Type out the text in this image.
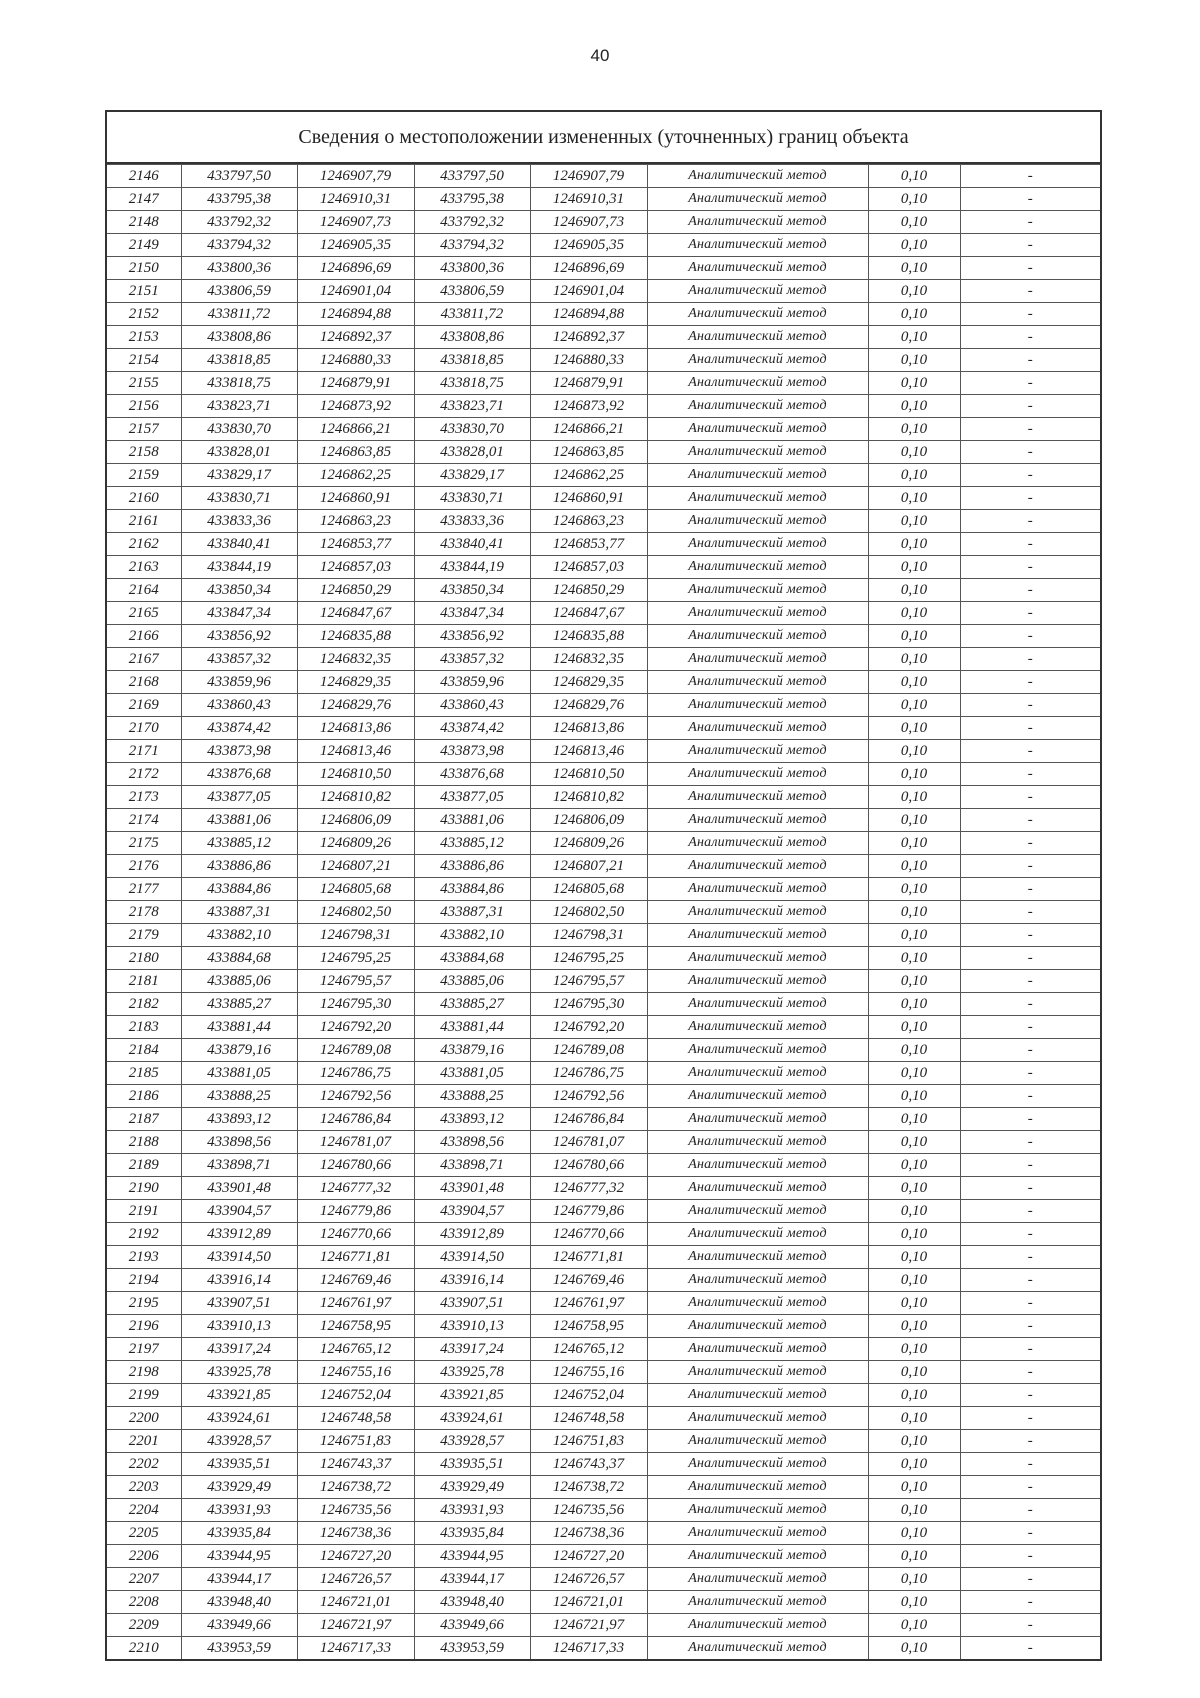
40
Сведения о местоположении измененных (уточненных) границ объекта
2146	433797,50	1246907,79	433797,50	1246907,79	Аналитический метод	0,10	-
2147	433795,38	1246910,31	433795,38	1246910,31	Аналитический метод	0,10	-
2148	433792,32	1246907,73	433792,32	1246907,73	Аналитический метод	0,10	-
2149	433794,32	1246905,35	433794,32	1246905,35	Аналитический метод	0,10	-
2150	433800,36	1246896,69	433800,36	1246896,69	Аналитический метод	0,10	-
2151	433806,59	1246901,04	433806,59	1246901,04	Аналитический метод	0,10	-
2152	433811,72	1246894,88	433811,72	1246894,88	Аналитический метод	0,10	-
2153	433808,86	1246892,37	433808,86	1246892,37	Аналитический метод	0,10	-
2154	433818,85	1246880,33	433818,85	1246880,33	Аналитический метод	0,10	-
2155	433818,75	1246879,91	433818,75	1246879,91	Аналитический метод	0,10	-
2156	433823,71	1246873,92	433823,71	1246873,92	Аналитический метод	0,10	-
2157	433830,70	1246866,21	433830,70	1246866,21	Аналитический метод	0,10	-
2158	433828,01	1246863,85	433828,01	1246863,85	Аналитический метод	0,10	-
2159	433829,17	1246862,25	433829,17	1246862,25	Аналитический метод	0,10	-
2160	433830,71	1246860,91	433830,71	1246860,91	Аналитический метод	0,10	-
2161	433833,36	1246863,23	433833,36	1246863,23	Аналитический метод	0,10	-
2162	433840,41	1246853,77	433840,41	1246853,77	Аналитический метод	0,10	-
2163	433844,19	1246857,03	433844,19	1246857,03	Аналитический метод	0,10	-
2164	433850,34	1246850,29	433850,34	1246850,29	Аналитический метод	0,10	-
2165	433847,34	1246847,67	433847,34	1246847,67	Аналитический метод	0,10	-
2166	433856,92	1246835,88	433856,92	1246835,88	Аналитический метод	0,10	-
2167	433857,32	1246832,35	433857,32	1246832,35	Аналитический метод	0,10	-
2168	433859,96	1246829,35	433859,96	1246829,35	Аналитический метод	0,10	-
2169	433860,43	1246829,76	433860,43	1246829,76	Аналитический метод	0,10	-
2170	433874,42	1246813,86	433874,42	1246813,86	Аналитический метод	0,10	-
2171	433873,98	1246813,46	433873,98	1246813,46	Аналитический метод	0,10	-
2172	433876,68	1246810,50	433876,68	1246810,50	Аналитический метод	0,10	-
2173	433877,05	1246810,82	433877,05	1246810,82	Аналитический метод	0,10	-
2174	433881,06	1246806,09	433881,06	1246806,09	Аналитический метод	0,10	-
2175	433885,12	1246809,26	433885,12	1246809,26	Аналитический метод	0,10	-
2176	433886,86	1246807,21	433886,86	1246807,21	Аналитический метод	0,10	-
2177	433884,86	1246805,68	433884,86	1246805,68	Аналитический метод	0,10	-
2178	433887,31	1246802,50	433887,31	1246802,50	Аналитический метод	0,10	-
2179	433882,10	1246798,31	433882,10	1246798,31	Аналитический метод	0,10	-
2180	433884,68	1246795,25	433884,68	1246795,25	Аналитический метод	0,10	-
2181	433885,06	1246795,57	433885,06	1246795,57	Аналитический метод	0,10	-
2182	433885,27	1246795,30	433885,27	1246795,30	Аналитический метод	0,10	-
2183	433881,44	1246792,20	433881,44	1246792,20	Аналитический метод	0,10	-
2184	433879,16	1246789,08	433879,16	1246789,08	Аналитический метод	0,10	-
2185	433881,05	1246786,75	433881,05	1246786,75	Аналитический метод	0,10	-
2186	433888,25	1246792,56	433888,25	1246792,56	Аналитический метод	0,10	-
2187	433893,12	1246786,84	433893,12	1246786,84	Аналитический метод	0,10	-
2188	433898,56	1246781,07	433898,56	1246781,07	Аналитический метод	0,10	-
2189	433898,71	1246780,66	433898,71	1246780,66	Аналитический метод	0,10	-
2190	433901,48	1246777,32	433901,48	1246777,32	Аналитический метод	0,10	-
2191	433904,57	1246779,86	433904,57	1246779,86	Аналитический метод	0,10	-
2192	433912,89	1246770,66	433912,89	1246770,66	Аналитический метод	0,10	-
2193	433914,50	1246771,81	433914,50	1246771,81	Аналитический метод	0,10	-
2194	433916,14	1246769,46	433916,14	1246769,46	Аналитический метод	0,10	-
2195	433907,51	1246761,97	433907,51	1246761,97	Аналитический метод	0,10	-
2196	433910,13	1246758,95	433910,13	1246758,95	Аналитический метод	0,10	-
2197	433917,24	1246765,12	433917,24	1246765,12	Аналитический метод	0,10	-
2198	433925,78	1246755,16	433925,78	1246755,16	Аналитический метод	0,10	-
2199	433921,85	1246752,04	433921,85	1246752,04	Аналитический метод	0,10	-
2200	433924,61	1246748,58	433924,61	1246748,58	Аналитический метод	0,10	-
2201	433928,57	1246751,83	433928,57	1246751,83	Аналитический метод	0,10	-
2202	433935,51	1246743,37	433935,51	1246743,37	Аналитический метод	0,10	-
2203	433929,49	1246738,72	433929,49	1246738,72	Аналитический метод	0,10	-
2204	433931,93	1246735,56	433931,93	1246735,56	Аналитический метод	0,10	-
2205	433935,84	1246738,36	433935,84	1246738,36	Аналитический метод	0,10	-
2206	433944,95	1246727,20	433944,95	1246727,20	Аналитический метод	0,10	-
2207	433944,17	1246726,57	433944,17	1246726,57	Аналитический метод	0,10	-
2208	433948,40	1246721,01	433948,40	1246721,01	Аналитический метод	0,10	-
2209	433949,66	1246721,97	433949,66	1246721,97	Аналитический метод	0,10	-
2210	433953,59	1246717,33	433953,59	1246717,33	Аналитический метод	0,10	-
